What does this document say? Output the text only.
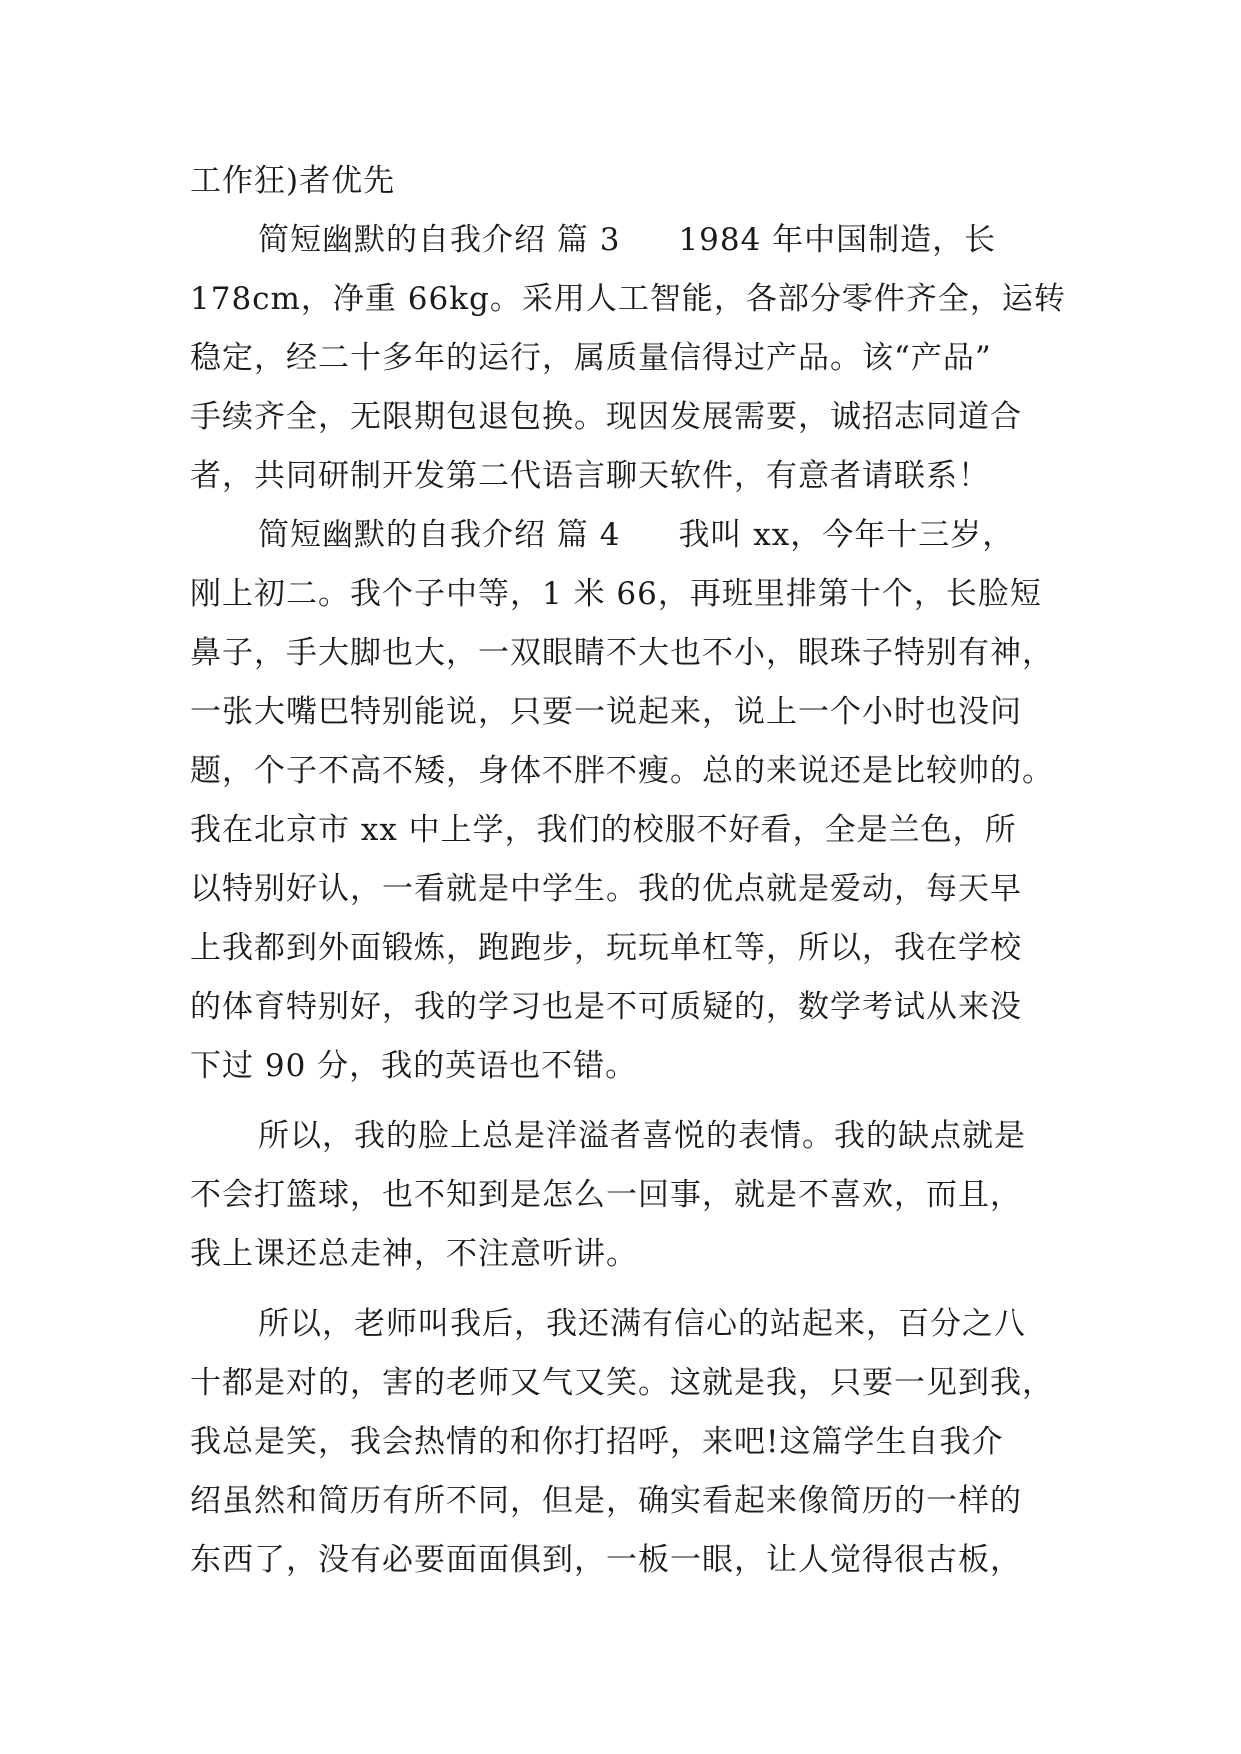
工作狂)者优先
简短幽默的自我介绍 篇 3 1984 年中国制造，长
178cm，净重 66kg。采用人工智能，各部分零件齐全，运转
稳定，经二十多年的运行，属质量信得过产品。该“产品”
手续齐全，无限期包退包换。现因发展需要，诚招志同道合
者，共同研制开发第二代语言聊天软件，有意者请联系！
简短幽默的自我介绍 篇 4 我叫 xx，今年十三岁，
刚上初二。我个子中等，1 米 66，再班里排第十个，长脸短
鼻子，手大脚也大，一双眼睛不大也不小，眼珠子特别有神，
一张大嘴巴特别能说，只要一说起来，说上一个小时也没问
题，个子不高不矮，身体不胖不瘦。总的来说还是比较帅的。
我在北京市 xx 中上学，我们的校服不好看，全是兰色，所
以特别好认，一看就是中学生。我的优点就是爱动，每天早
上我都到外面锻炼，跑跑步，玩玩单杠等，所以，我在学校
的体育特别好，我的学习也是不可质疑的，数学考试从来没
下过 90 分，我的英语也不错。
所以，我的脸上总是洋溢者喜悦的表情。我的缺点就是
不会打篮球，也不知到是怎么一回事，就是不喜欢，而且，
我上课还总走神，不注意听讲。
所以，老师叫我后，我还满有信心的站起来，百分之八
十都是对的，害的老师又气又笑。这就是我，只要一见到我，
我总是笑，我会热情的和你打招呼，来吧!这篇学生自我介
绍虽然和简历有所不同，但是，确实看起来像简历的一样的
东西了，没有必要面面俱到，一板一眼，让人觉得很古板，
